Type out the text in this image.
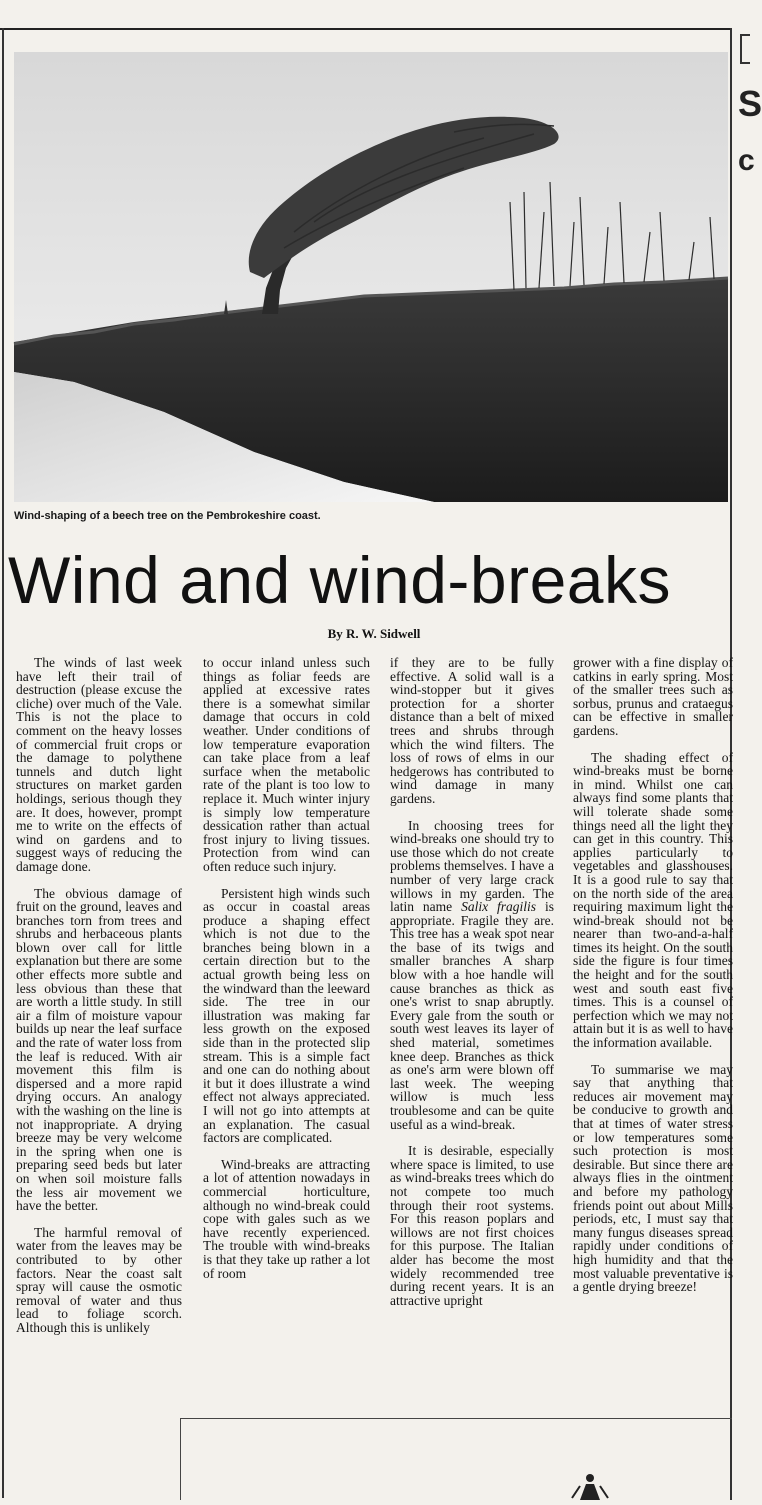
S
c
Wind-shaping of a beech tree on the Pembrokeshire coast.
Wind and wind-breaks
By R. W. Sidwell

The winds of last week have left their trail of destruction (please excuse the cliche) over much of the Vale. This is not the place to comment on the heavy losses of commercial fruit crops or the damage to polythene tunnels and dutch light structures on market garden holdings, serious though they are. It does, however, prompt me to write on the effects of wind on gardens and to suggest ways of reducing the damage done.

The obvious damage of fruit on the ground, leaves and branches torn from trees and shrubs and herbaceous plants blown over call for little explanation but there are some other effects more subtle and less obvious than these that are worth a little study. In still air a film of moisture vapour builds up near the leaf surface and the rate of water loss from the leaf is reduced. With air movement this film is dispersed and a more rapid drying occurs. An analogy with the washing on the line is not inappropriate. A drying breeze may be very welcome in the spring when one is preparing seed beds but later on when soil moisture falls the less air movement we have the better.

The harmful removal of water from the leaves may be contributed to by other factors. Near the coast salt spray will cause the osmotic removal of water and thus lead to foliage scorch. Although this is unlikely

to occur inland unless such things as foliar feeds are applied at excessive rates there is a somewhat similar damage that occurs in cold weather. Under conditions of low temperature evaporation can take place from a leaf surface when the metabolic rate of the plant is too low to replace it. Much winter injury is simply low temperature dessication rather than actual frost injury to living tissues. Protection from wind can often reduce such injury.

Persistent high winds such as occur in coastal areas produce a shaping effect which is not due to the branches being blown in a certain direction but to the actual growth being less on the windward than the leeward side. The tree in our illustration was making far less growth on the exposed side than in the protected slip stream. This is a simple fact and one can do nothing about it but it does illustrate a wind effect not always appreciated. I will not go into attempts at an explanation. The casual factors are complicated.

Wind-breaks are attracting a lot of attention nowadays in commercial horticulture, although no wind-break could cope with gales such as we have recently experienced. The trouble with wind-breaks is that they take up rather a lot of room

if they are to be fully effective. A solid wall is a wind-stopper but it gives protection for a shorter distance than a belt of mixed trees and shrubs through which the wind filters. The loss of rows of elms in our hedgerows has contributed to wind damage in many gardens.

In choosing trees for wind-breaks one should try to use those which do not create problems themselves. I have a number of very large crack willows in my garden. The latin name Salix fragilis is appropriate. Fragile they are. This tree has a weak spot near the base of its twigs and smaller branches A sharp blow with a hoe handle will cause branches as thick as one's wrist to snap abruptly. Every gale from the south or south west leaves its layer of shed material, sometimes knee deep. Branches as thick as one's arm were blown off last week. The weeping willow is much less troublesome and can be quite useful as a wind-break.

It is desirable, especially where space is limited, to use as wind-breaks trees which do not compete too much through their root systems. For this reason poplars and willows are not first choices for this purpose. The Italian alder has become the most widely recommended tree during recent years. It is an attractive upright

grower with a fine display of catkins in early spring. Most of the smaller trees such as sorbus, prunus and crataegus can be effective in smaller gardens.

The shading effect of wind-breaks must be borne in mind. Whilst one can always find some plants that will tolerate shade some things need all the light they can get in this country. This applies particularly to vegetables and glasshouses. It is a good rule to say that on the north side of the area requiring maximum light the wind-break should not be nearer than two-and-a-half times its height. On the south side the figure is four times the height and for the south west and south east five times. This is a counsel of perfection which we may not attain but it is as well to have the information available.

To summarise we may say that anything that reduces air movement may be conducive to growth and that at times of water stress or low temperatures some such protection is most desirable. But since there are always flies in the ointment and before my pathology friends point out about Mills periods, etc, I must say that many fungus diseases spread rapidly under conditions of high humidity and that the most valuable preventative is a gentle drying breeze!
